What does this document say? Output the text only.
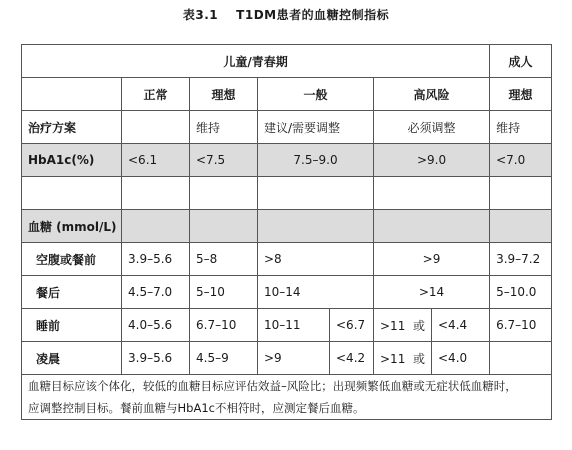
表3.1 T1DM患者的血糖控制指标
儿童/青春期							成人
	正常	理想	一般		高风险		理想
治疗方案		维持	建议/需要调整		必须调整		维持
HbA1c(%)	<6.1	<7.5	7.5–9.0		>9.0		<7.0

血糖 (mmol/L)							
空腹或餐前	3.9–5.6	5–8	>8		>9		3.9–7.2
餐后	4.5–7.0	5–10	10–14		>14		5–10.0
睡前	4.0–5.6	6.7–10	10–11	<6.7	>11  或	<4.4	6.7–10
凌晨	3.9–5.6	4.5–9	>9	<4.2	>11  或	<4.0	

血糖目标应该个体化，较低的血糖目标应评估效益–风险比；出现频繁低血糖或无症状低血糖时，
应调整控制目标。餐前血糖与HbA1c不相符时，应测定餐后血糖。							
